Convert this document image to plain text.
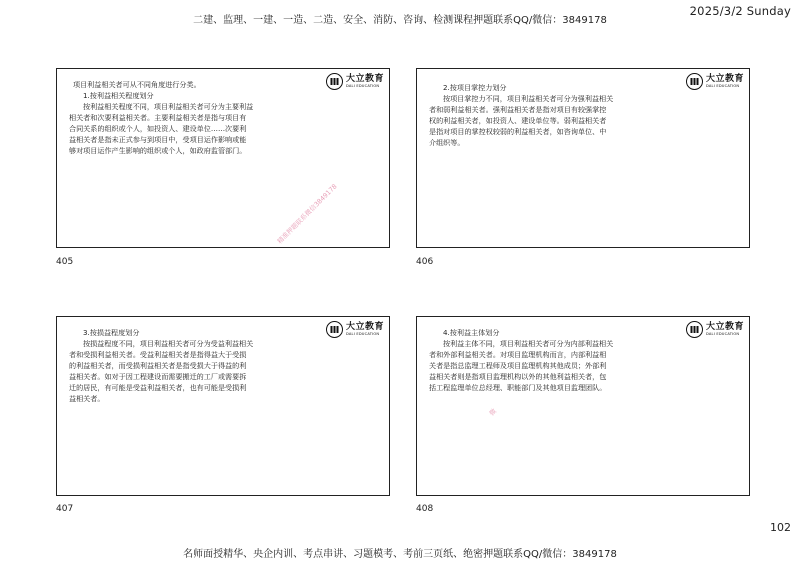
二建、监理、一建、一造、二造、安全、消防、咨询、检测课程押题联系QQ/微信：3849178
2025/3/2 Sunday
大立教育
DALI EDUCATION

项目利益相关者可从不同角度进行分类。

1.按利益相关程度划分

按利益相关程度不同，项目利益相关者可分为主要利益

相关者和次要利益相关者。主要利益相关者是指与项目有

合同关系的组织或个人，如投资人、建设单位……次要利

益相关者是指未正式参与到项目中，受项目运作影响或能

够对项目运作产生影响的组织或个人，如政府监管部门。

精准押题联系微信3849178
405
大立教育
DALI EDUCATION

2.按项目掌控力划分

按项目掌控力不同，项目利益相关者可分为强利益相关

者和弱利益相关者。强利益相关者是指对项目有较强掌控

权的利益相关者，如投资人、建设单位等。弱利益相关者

是指对项目的掌控权较弱的利益相关者，如咨询单位、中

介组织等。

406
大立教育
DALI EDUCATION

3.按损益程度划分

按损益程度不同，项目利益相关者可分为受益利益相关

者和受损利益相关者。受益利益相关者是指得益大于受损

的利益相关者，而受损利益相关者是指受损大于得益的利

益相关者。如对于因工程建设而需要搬迁的工厂或需要拆

迁的居民，有可能是受益利益相关者，也有可能是受损利

益相关者。

407
大立教育
DALI EDUCATION

4.按利益主体划分

按利益主体不同，项目利益相关者可分为内部利益相关

者和外部利益相关者。对项目监理机构而言，内部利益相

关者是指总监理工程师及项目监理机构其他成员；外部利

益相关者则是指项目监理机构以外的其他利益相关者，包

括工程监理单位总经理、职能部门及其他项目监理团队。

微
408
102
名师面授精华、央企内训、考点串讲、习题模考、考前三页纸、绝密押题联系QQ/微信：3849178
